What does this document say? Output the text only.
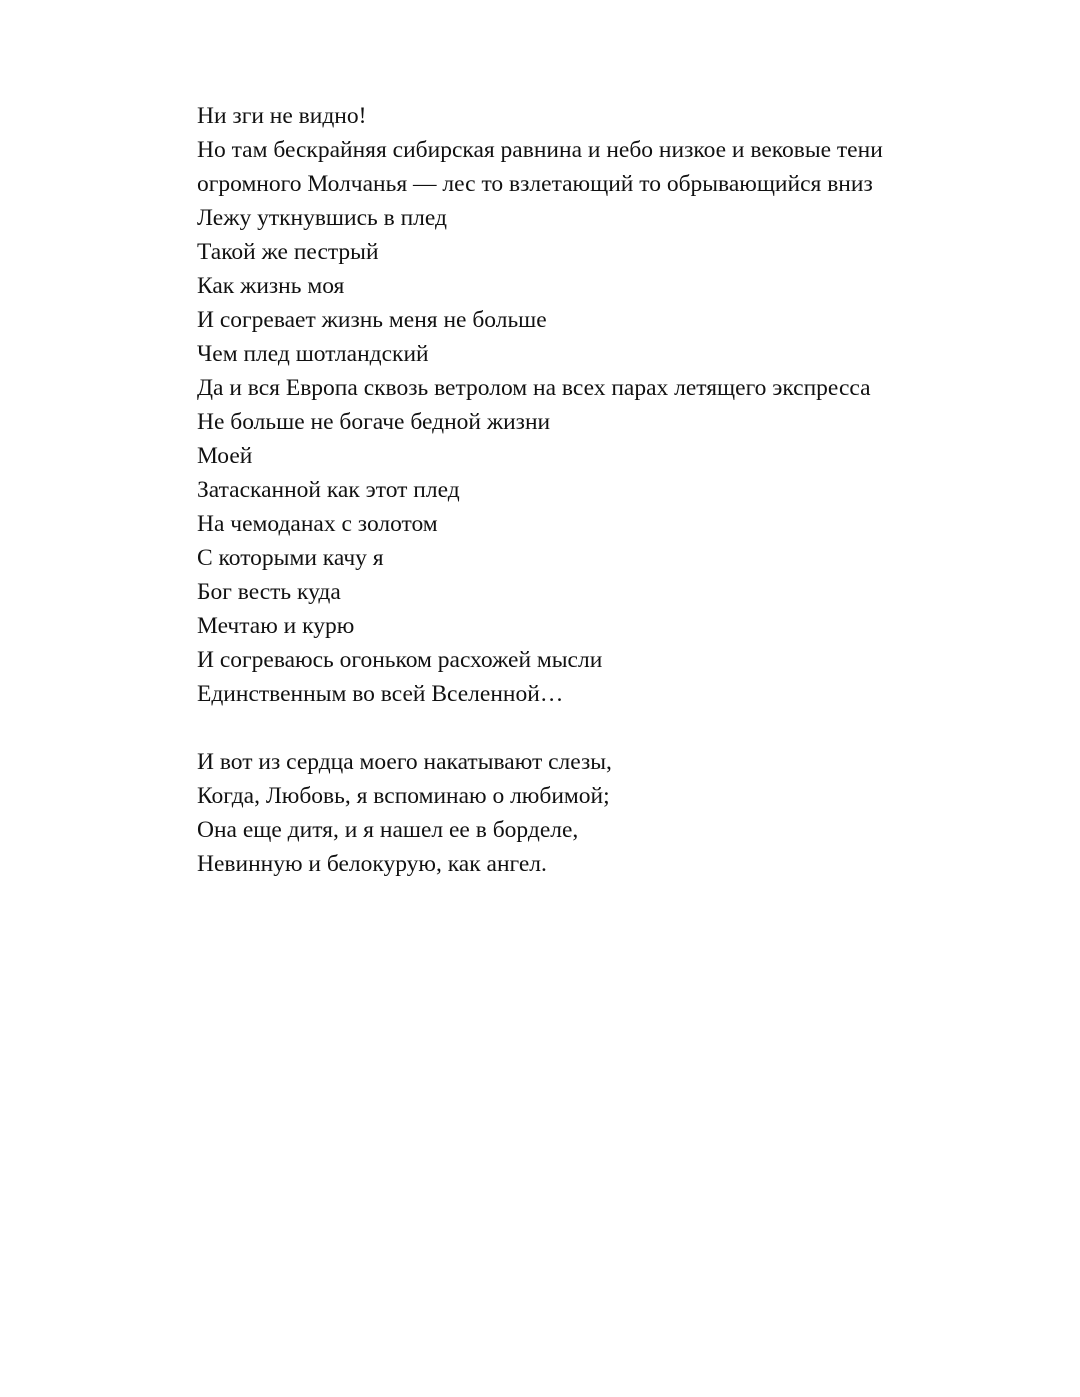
Ни зги не видно!
Но там бескрайняя сибирская равнина и небо низкое и вековые тени
огромного Молчанья — лес то взлетающий то обрывающийся вниз
Лежу уткнувшись в плед
Такой же пестрый
Как жизнь моя
И согревает жизнь меня не больше
Чем плед шотландский
Да и вся Европа сквозь ветролом на всех парах летящего экспресса
Не больше не богаче бедной жизни
Моей
Затасканной как этот плед
На чемоданах с золотом
С которыми качу я
Бог весть куда
Мечтаю и курю
И согреваюсь огоньком расхожей мысли
Единственным во всей Вселенной…
И вот из сердца моего накатывают слезы,
Когда, Любовь, я вспоминаю о любимой;
Она еще дитя, и я нашел ее в борделе,
Невинную и белокурую, как ангел.
